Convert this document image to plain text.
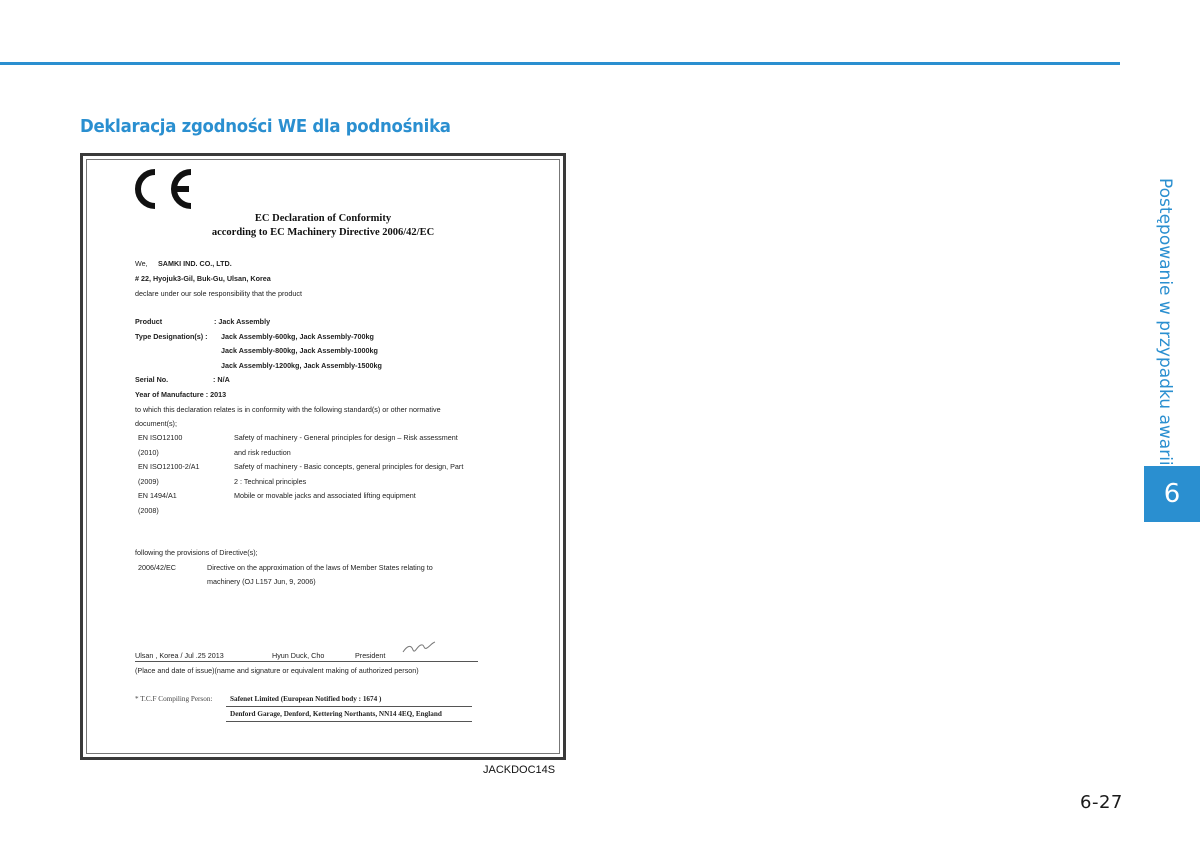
Deklaracja zgodności WE dla podnośnika
Postępowanie w przypadku awarii
6
EC Declaration of Conformity
according to EC Machinery Directive 2006/42/EC
We, SAMKI IND. CO., LTD.
# 22, Hyojuk3-Gil, Buk-Gu, Ulsan, Korea
declare under our sole responsibility that the product
Product	: Jack Assembly
Type Designation(s) : Jack Assembly-600kg, Jack Assembly-700kg
Jack Assembly-800kg, Jack Assembly-1000kg
Jack Assembly-1200kg, Jack Assembly-1500kg
Serial No.	: N/A
Year of Manufacture : 2013
to which this declaration relates is in conformity with the following standard(s) or other normative
document(s);
EN ISO12100	Safety of machinery - General principles for design – Risk assessment
(2010)	and risk reduction
EN ISO12100-2/A1	Safety of machinery - Basic concepts, general principles for design, Part
(2009)	2 : Technical principles
EN 1494/A1	Mobile or movable jacks and associated lifting equipment
(2008)
following the provisions of Directive(s);
2006/42/EC	Directive on the approximation of the laws of Member States relating to
machinery (OJ L157 Jun, 9, 2006)
Ulsan , Korea / Jul .25 2013	Hyun Duck, Cho	President
(Place and date of issue)(name and signature or equivalent making of authorized person)
* T.C.F Compiling Person: Safenet Limited (European Notified body : 1674 )
Denford Garage, Denford, Kettering Northants, NN14 4EQ, England
JACKDOC14S
6-27
